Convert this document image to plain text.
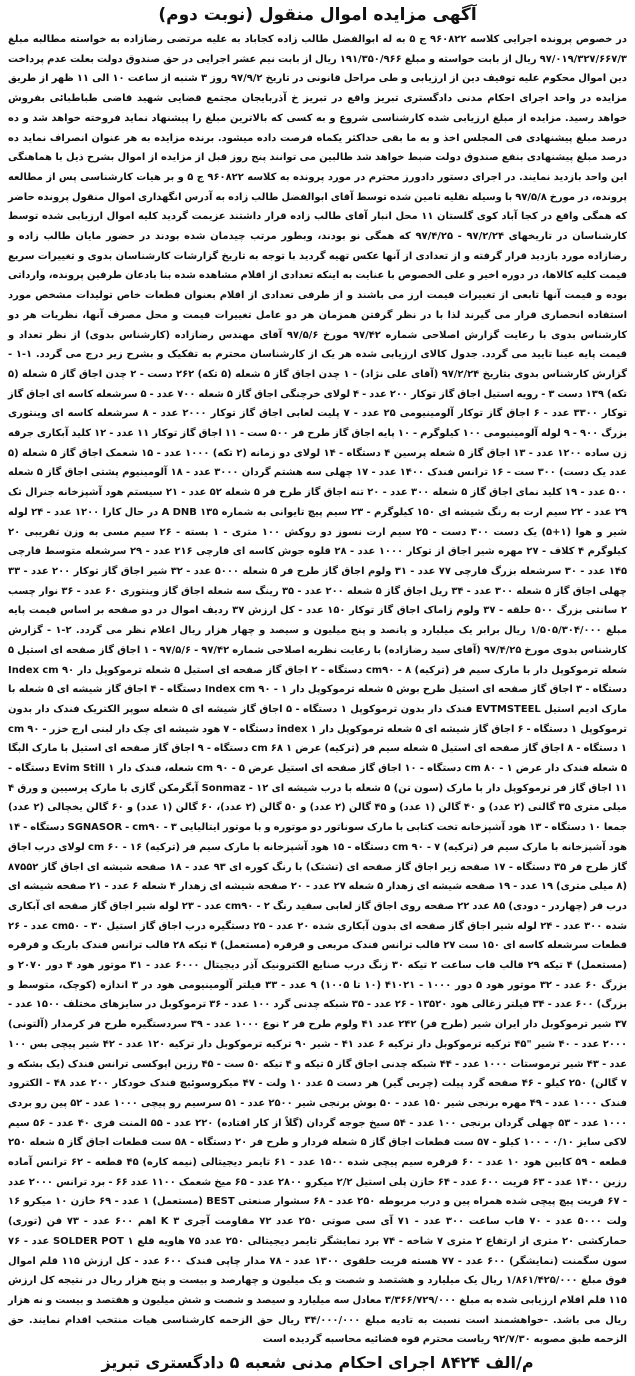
آگهی مزایده اموال منقول (نوبت دوم)

در خصوص پرونده اجرایی کلاسه ۹۶۰۸۲۲ ج ۵ به له ابوالفضل طالب زاده کجاباد به علیه مرتضی رضازاده به خواسته مطالبه مبلغ ۹۷/۰۱۹/۳۲۷/۶۶۷/۳ ریال از بابت خواسته و مبلغ ۱۹۱/۳۵۰/۹۶۶ ریال از بابت نیم عشر اجرایی در حق صندوق دولت بعلت عدم پرداخت دین اموال محکوم علیه توقیف دین از ارزیابی و طی مراحل قانونی در تاریخ ۹۷/۹/۲ روز ۳ شنبه از ساعت ۱۰ الی ۱۱ ظهر از طریق مزایده در واحد اجرای احکام مدنی دادگستری تبریز واقع در تبریز خ آذربایجان مجتمع قضایی شهید قاضی طباطبائی بفروش خواهد رسید. مزایده از مبلغ ارزیابی شده کارشناسی شروع و به کسی که بالاترین مبلغ را پیشنهاد نماید فروخته خواهد شد و ده درصد مبلغ پیشنهادی فی المجلس اخذ و به ما بقی حداکثر یکماه فرصت داده میشود. برنده مزایده به هر عنوان انصراف نماید ده درصد مبلغ پیشنهادی بنفع صندوق دولت ضبط خواهد شد طالبین می توانند پنج روز قبل از مزایده از اموال بشرح ذیل با هماهنگی این واحد بازدید نمایند. در اجرای دستور دادورز محترم در مورد پرونده به کلاسه ۹۶۰۸۲۲ ج ۵ و بر هیات کارشناسی پس از مطالعه پرونده، در مورخ ۹۷/۵/۸ با وسیله نقلیه تامین شده توسط آقای ابوالفضل طالب زاده به آدرس انگهداری اموال منقول پرونده حاضر که همگی واقع در کجا آباد کوی گلستان ۱۱ محل انبار آقای طالب زاده قرار داشتند عزیمت گردید کلیه اموال ارزیابی شده توسط کارشناسان در تاریخهای ۹۷/۲/۲۴ - ۹۷/۴/۲۵ که همگی نو بودند، وبطور مرتب چیدمان شده بودند در حضور مایان طالب زاده و رضازاده مورد بازدید قرار گرفته و از تعدادی از آنها عکس تهیه گردید با توجه به تاریخ گزارشات کارشناسان بدوی و تغییرات سریع قیمت کلیه کالاها، در دوره اخیر و علی الخصوص با عنایت به اینکه تعدادی از اقلام مشاهده شده بنا بادعان طرفین پرونده، وارداتی بوده و قیمت آنها تابعی از تغییرات قیمت ارز می باشند و از طرفی تعدادی از اقلام بعنوان قطعات خاص تولیدات مشخص مورد استفاده انحصاری قرار می گیرند لذا با در نظر گرفتن همزمان هر دو عامل تغییرات قیمت و محل مصرف آنها، نظریات هر دو کارشناس بدوی با رعایت گزارش اصلاحی شماره ۹۷/۴۲ مورخ ۹۷/۵/۶ آقای مهندس رضازاده (کارشناس بدوی) از نظر تعداد و قیمت پایه عینا تایید می گردد. جدول کالای ارزیابی شده هر یک از کارشناسان محترم به تفکیک و بشرح زیر درج می گردد. ۱-۱ - گزارش کارشناس بدوی بتاریخ ۹۷/۲/۲۴ (آقای علی نژاد) - ۱ چدن اجاق گاز ۵ شعله (۵ تکه) ۲۶۲ دست - ۲ چدن اجاق گاز ۵ شعله (۵ تکه) ۱۳۹ دست ۳ - رویه استیل اجاق گاز توکار ۲۰۰ عدد - ۴ لولای خرچنگی اجاق گاز ۵ شعله ۷۰۰ عدد - ۵ سرشعله کاسه ای اجاق گاز توکار ۳۳۰۰ عدد - ۶ اجاق گاز توکار آلومینیومی ۲۵ عدد - ۷ پلیت لعابی اجاق گاز توکار ۲۰۰۰ عدد - ۸ سرشعله کاسه ای وینتوری بزرگ ۹۰۰ - ۹ لوله آلومینیومی ۱۰۰ کیلوگرم - ۱۰ پایه اجاق گاز طرح فر ۵۰۰ ست - ۱۱ اجاق گاز توکار ۱۱ عدد - ۱۲ کلید آبکاری جرقه زن ساده ۱۲۰۰ عدد - ۱۳ اجاق گاز ۵ شعله پرسین ۴ دستگاه - ۱۴ لولای دو زمانه (۲ تکه) ۱۰۰۰ عدد - ۱۵ شعمک اجاق گاز ۵ شعله (۵ عدد یک دست) ۳۰۰ ست - ۱۶ ترانس فندک ۱۴۰۰ عدد - ۱۷ چهلی سه هشتم گردان ۳۰۰۰ عدد - ۱۸ آلومینیوم پشتی اجاق گاز ۵ شعله ۵۰۰ عدد - ۱۹ کلید نمای اجاق گاز ۵ شعله ۳۰۰ عدد - ۲۰ تنه اجاق گاز طرح فر ۵ شعله ۵۲ عدد - ۲۱ سیستم هود آشپزخانه جنرال تک ۲۹ عدد - ۲۲ سیم ارت به رنگ شیشه ای ۱۵۰ کیلوگرم - ۲۳ سیم پیچ تایوانی به شماره ۱۳۵ A DNB در حال کارا ۱۲۰۰ عدد - ۲۴ لوله شیر و هوا (۱+۵) یک دست ۳۰۰ دست - ۲۵ سیم ارت نسوز دو روکش ۱۰۰ متری - ۱ بسته - ۲۶ سیم مسی به وزن تقریبی ۲۰ کیلوگرم ۴ کلاف - ۲۷ مهره شیر اجاق از توکار ۱۰۰۰ عدد - ۲۸ قلوه جوش کاسه ای فارچی ۲۱۶ عدد - ۲۹ سرشعله متوسط فارچی ۱۴۵ عدد - ۳۰ سرشعله بزرگ فارچی ۷۷ عدد - ۳۱ ولوم اجاق گاز طرح فر ۵ شعله ۵۰۰۰ عدد - ۳۲ شیر اجاق گاز توکار ۲۰۰ عدد - ۳۳ چهلی اجاق گاز ۵ شعله ۳۰۰ عدد - ۳۴ ریل اجاق گاز ۵ شعله ۲۰۰ عدد - ۳۵ رینگ سه شعله اجاق گاز وینتوری ۶۰ عدد - ۳۶ نوار چسب ۲ سانتی بزرگ ۵۰۰ حلقه - ۳۷ ولوم زاماک اجاق گاز توکار ۱۵۰ عدد - کل ارزش ۳۷ ردیف اموال در دو صفحه بر اساس قیمت پایه مبلغ ۱/۵۰۵/۳۰۴/۰۰۰ ریال برابر یک میلیارد و پانصد و پنج میلیون و سیصد و چهار هزار ریال اعلام نظر می گردد. ۲-۱ - گزارش کارشناس بدوی مورخ ۹۷/۴/۲۵ (آقای سید رضازاده) با رعایت نظریه اصلاحی شماره ۹۷/۴۲ - ۹۷/۵/۶ - ۱ اجاق گاز صفحه ای استیل ۵ شعله ترموکوپل دار با مارک سیم فر (ترکیه) cm۹۰ - ۸ دستگاه - ۲ اجاق گاز صفحه ای استیل ۵ شعله ترموکوپل دار Index cm ۹۰ دستگاه - ۳ اجاق گاز صفحه ای استیل طرح بوش ۵ شعله ترموکوپل دار Index cm ۹۰ - ۱ دستگاه - ۴ اجاق گاز شیشه ای ۵ شعله با مارک ادیم استیل EVTMSTEEL فندک دار بدون ترموکوپل ۱ دستگاه - ۵ اجاق گاز شیشه ای ۵ شعله سوپر الکتریک فندک دار بدون ترموکوپل ۱ دستگاه - ۶ اجاق گاز شیشه ای ۵ شعله ترموکوپل دار index ۱ دستگاه - ۷ هود شیشه ای چک دار لبنی ارج خزر cm ۹۰ - ۱ دستگاه - ۸ اجاق گاز صفحه ای استیل ۵ شعله سیم فر (ترکیه) عرض cm ۶۸ ۱ دستگاه - ۹ اجاق گاز صفحه ای استیل با مارک البگا ۵ شعله فندک دار عرض cm ۸۰ - ۱ دستگاه - ۱۰ اجاق گاز صفحه ای استیل عرض cm ۹۰ - ۵ شعله، فندک دار Evim Still ۱ دستگاه - ۱۱ اجاق گاز فر ترموکوپل دار با مارک (سون تن) ۵ شعله با درب شیشه ای Sonmaz - ۱۲ آبگرمکن گازی با مارک پرسیین و ورق ۴ میلی متری ۳۵ گالنی (۲ عدد) و ۴۰ گالن (۱ عدد) و ۴۵ گالن (۲ عدد) و ۵۰ گالن (۲ عدد)، ۶۰ گالن (۱ عدد) و ۶۰ گالن یخچالی (۲ عدد) جمعا ۱۰ دستگاه - ۱۳ هود آشپزخانه تخت کتابی با مارک سوناتور دو موتوره و با موتور ایتالیایی SGNASOR - cm۹۰ - ۳ دستگاه - ۱۴ هود آشپزخانه با مارک سیم فر (ترکیه) cm ۹۰ - ۷ دستگاه - ۱۵ هود آشپزخانه با مارک سیم فر (ترکیه) cm ۶۰ - ۱۶ لولای درب اجاق گاز طرح فر ۳۵ دستگاه - ۱۷ صفحه زیر اجاق گاز صفحه ای (تشتک) با رنگ کوره ای ۹۳ عدد - ۱۸ صفحه شیشه ای اجاق گاز ۸۷۵۵۲ (۸ میلی متری) ۱۹ عدد - ۱۹ صفحه شیشه ای زهدار ۵ شعله ۲۷ عدد - ۲۰ صفحه شیشه ای زهدار ۴ شعله ۶ عدد - ۲۱ صفحه شیشه ای درب فر (چهاردر - دودی) ۸۵ عدد ۲۲ صفحه روی اجاق گاز لعابی سفید رنگ cm۹۰ - ۲ عدد - ۲۳ لوله شیر اجاق گاز صفحه ای آبکاری شده ۳۰۰ عدد - ۲۴ لوله شیر اجاق گاز صفحه ای بدون آبکاری شده ۲۰ عدد - ۲۵ دستگیره درب اجاق گاز استیل cm۵۰ - ۳۰ عدد - ۲۶ قطعات سرشعله کاسه ای ۱۵۰ ست ۲۷ قالب ترانس فندک مربعی و قرقره (مستعمل) ۴ تیکه ۲۸ قالب ترانس فندک باریک و قرقره (مستعمل) ۴ تیکه ۲۹ قالب قاب ساعت ۲ تیکه ۳۰ زنگ درب صنایع الکترونیک آذر دیجیتال ۶۰۰۰ عدد - ۳۱ موتور هود ۴ دور ۲۰۷۰ و بزرگ ۶۰ عدد - ۳۲ موتور هود ۵ دور ۱۰۰۰ - ۴۱۰۲۱ (۱۰ تا ۱۰۰۵) ۹ عدد - ۳۳ فیلتر آلومینیومی هود در ۳ اندازه (کوچک، متوسط و بزرگ) ۶۰۰ عدد - ۳۴ فیلتر زغالی هود ۱۳۵۲۰ - ۲۶ عدد - ۳۵ شبکه چدنی گرد ۱۰۰ عدد - ۳۶ ترموکوبل در سایزهای مختلف ۱۵۰۰ عدد - ۳۷ شیر ترموکوبل دار ایران شیر (طرح فر) ۲۴۲ عدد ۴۱ ولوم طرح فر ۲ نوع ۱۰۰۰ عدد - ۳۹ سردستگیره طرح فر کرمدار (آلتونی) ۲۰۰۰ عدد - ۴۰ شیر "۴۵ ترکیه ترموکوبل دار ترکیه ۶ عدد ۴۱ - شیر ۹۰ ترکیه ترموکوبل دار ترکیه ۱۲۰ عدد - ۴۲ شیر پیچی بس ۱۰۰ عدد - ۴۳ شیر ترموستات ۱۰۰۰ عدد - ۴۴ شبکه چدنی اجاق گاز ۵ تیکه و ۴ تیکه ۵۰ ست - ۴۵ رزین اپوکسی ترانس فندک (یک بشکه و ۷ گالن) ۲۵۰ کیلو - ۴۶ صفحه گرد پیلت (چربی گیر) هر دست ۵ عدد ۱۰ ولت - ۴۷ میکروسوئیچ فندک خودکار ۲۰۰ عدد ۴۸ - الکترود فندک ۱۰۰۰ عدد - ۴۹ مهره برنجی شیر ۱۵۰ عدد - ۵۰ بوش برنجی شیر ۲۵۰۰ عدد - ۵۱ سرسیم رو پیچی ۱۰۰۰ عدد - ۵۲ پین رو بردی ۱۰۰۰ عدد - ۵۳ چهلی گردان برنجی ۱۰۰ عدد - ۵۴ سیخ جوجه گردان (گلاً از کار افتاده) ۲۲۰ عدد - ۵۵ المنت فری ۴۰ عدد - ۵۶ سیم لاکی سایز ۰/۱۰ - ۱۰۰ کیلو - ۵۷ ست قطعات اجاق گاز ۵ شعله فردار و طرح فر ۲۰ دستگاه - ۵۸ ست قطعات اجاق گاز ۵ شعله ۲۵۰ قطعه - ۵۹ کابین هود ۱۰ عدد - ۶۰ قرقره سیم پیچی شده ۱۵۰۰ عدد - ۶۱ تایمر دیجیتالی (نیمه کاره) ۴۵ قطعه - ۶۲ ترانس آماده رزین ۱۴۰۰ عدد - ۶۳ فریت ۶۰۰ عدد - ۶۴ خازن پلی استیل ۲/۲ میکرو ۲۸۰۰ عدد - ۶۵ میخ شعمک ۱۱۰۰ عدد ۶۶ - برد ترانس ۲۰۰۰ عدد - ۶۷ فریت پیچ پیچی شده همراه پین و درب مربوطه ۲۵۰ عدد - ۶۸ سشوار صنعتی BEST (مستعمل) ۱ عدد - ۶۹ خازن ۱۰ میکرو ۱۶ ولت ۵۰۰۰ عدد - ۷۰ قاب ساعت ۳۰۰ عدد - ۷۱ آی سی صوتی ۲۵۰ عدد ۷۲ مقاومت آجری K ۳ اهم ۶۰۰ عدد - ۷۳ فن (توری) حمارکشی ۲۰ متری از ارتفاع ۲ متری ۷ شاخه - ۷۴ برد نمایشگر تایمر دیجیتالی ۲۵۰ عدد ۷۵ هاویه قلع SOLDER POT ۱ عدد - ۷۶ سون سگمنت (نمایشگر) ۶۰۰ عدد - ۷۷ هسته فریت حلقوی ۱۳۰۰ عدد - ۷۸ مدار چاپی فندک ۶۰۰ عدد - کل ارزش ۱۱۵ قلم اموال فوق مبلغ ۱/۸۶۱/۴۲۵/۰۰۰ ریال یک میلیارد و هشتصد و شصت و یک میلیون و چهارصد و بیست و پنج هزار ریال در نتیجه کل ارزش ۱۱۵ قلم اقلام ارزیابی شده به مبلغ ۳/۳۶۶/۷۲۹/۰۰۰ معادل سه میلیارد و سیصد و شصت و شش میلیون و هفتصد و بیست و نه هزار ریال می باشد. -خواهشمند است نسبت به تادیه مبلغ ۳۴/۰۰۰/۰۰۰ ریال حق الزحمه کارشناسی هیات منتخب اقدام نمایند. حق الزحمه طبق مصوبه ۹۲/۷/۳۰ ریاست محترم قوه قضائیه محاسبه گردیده است

م/الف ۸۴۲۴ اجرای احکام مدنی شعبه ۵ دادگستری تبریز
